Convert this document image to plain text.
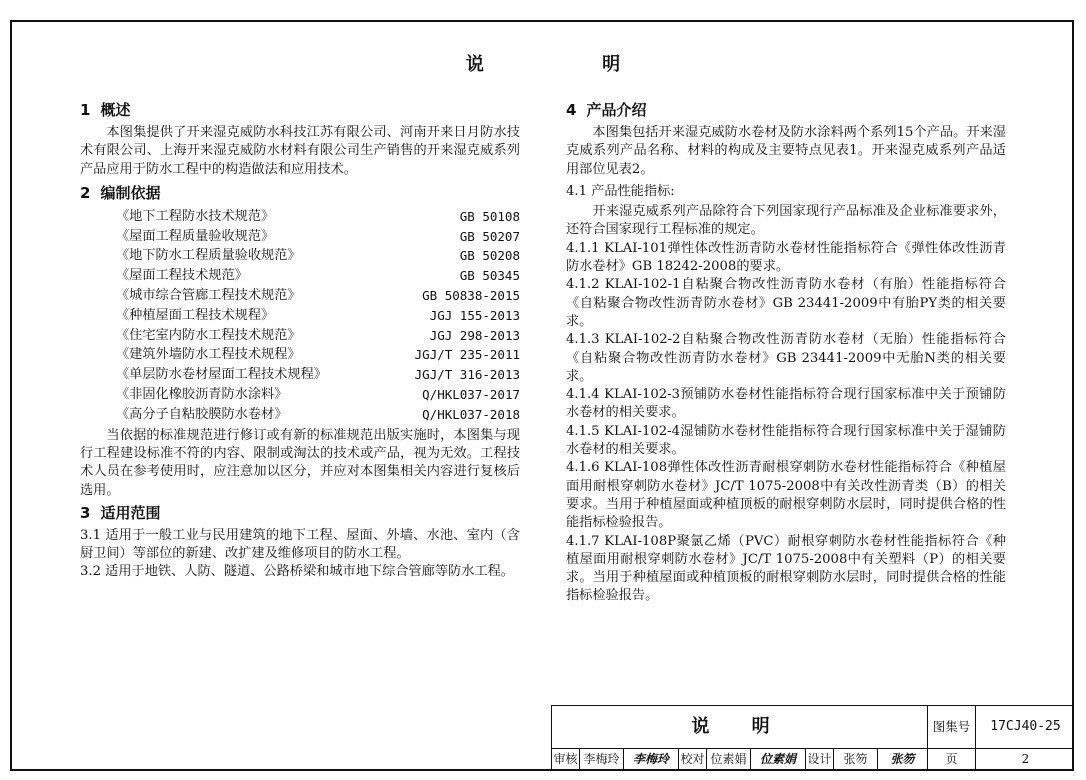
说 明
1 概述

本图集提供了开来湿克威防水科技江苏有限公司、河南开来日月防水技术有限公司、上海开来湿克威防水材料有限公司生产销售的开来湿克威系列产品应用于防水工程中的构造做法和应用技术。

2 编制依据
《地下工程防水技术规范》	GB 50108
《屋面工程质量验收规范》	GB 50207
《地下防水工程质量验收规范》	GB 50208
《屋面工程技术规范》	GB 50345
《城市综合管廊工程技术规范》	GB 50838-2015
《种植屋面工程技术规程》	JGJ 155-2013
《住宅室内防水工程技术规范》	JGJ 298-2013
《建筑外墙防水工程技术规程》	JGJ/T 235-2011
《单层防水卷材屋面工程技术规程》	JGJ/T 316-2013
《非固化橡胶沥青防水涂料》	Q/HKL037-2017
《高分子自粘胶膜防水卷材》	Q/HKL037-2018

当依据的标准规范进行修订或有新的标准规范出版实施时，本图集与现行工程建设标准不符的内容、限制或淘汰的技术或产品，视为无效。工程技术人员在参考使用时，应注意加以区分，并应对本图集相关内容进行复核后选用。

3 适用范围

3.1 适用于一般工业与民用建筑的地下工程、屋面、外墙、水池、室内（含厨卫间）等部位的新建、改扩建及维修项目的防水工程。

3.2 适用于地铁、人防、隧道、公路桥梁和城市地下综合管廊等防水工程。

4 产品介绍

本图集包括开来湿克威防水卷材及防水涂料两个系列15个产品。开来湿克威系列产品名称、材料的构成及主要特点见表1。开来湿克威系列产品适用部位见表2。

4.1 产品性能指标:

开来湿克威系列产品除符合下列国家现行产品标准及企业标准要求外，还符合国家现行工程标准的规定。

4.1.1 KLAI-101弹性体改性沥青防水卷材性能指标符合《弹性体改性沥青防水卷材》GB 18242-2008的要求。

4.1.2 KLAI-102-1自粘聚合物改性沥青防水卷材（有胎）性能指标符合《自粘聚合物改性沥青防水卷材》GB 23441-2009中有胎PY类的相关要求。

4.1.3 KLAI-102-2自粘聚合物改性沥青防水卷材（无胎）性能指标符合《自粘聚合物改性沥青防水卷材》GB 23441-2009中无胎N类的相关要求。

4.1.4 KLAI-102-3预铺防水卷材性能指标符合现行国家标准中关于预铺防水卷材的相关要求。

4.1.5 KLAI-102-4湿铺防水卷材性能指标符合现行国家标准中关于湿铺防水卷材的相关要求。

4.1.6 KLAI-108弹性体改性沥青耐根穿刺防水卷材性能指标符合《种植屋面用耐根穿刺防水卷材》JC/T 1075-2008中有关改性沥青类（B）的相关要求。当用于种植屋面或种植顶板的耐根穿刺防水层时，同时提供合格的性能指标检验报告。

4.1.7 KLAI-108P聚氯乙烯（PVC）耐根穿刺防水卷材性能指标符合《种植屋面用耐根穿刺防水卷材》JC/T 1075-2008中有关塑料（P）的相关要求。当用于种植屋面或种植顶板的耐根穿刺防水层时，同时提供合格的性能指标检验报告。

说 明	图集号	17CJ40-25
审核 李梅玲	李梅玲 校对 位素娟	位素娟 设计 张笏	张笏	页	2
